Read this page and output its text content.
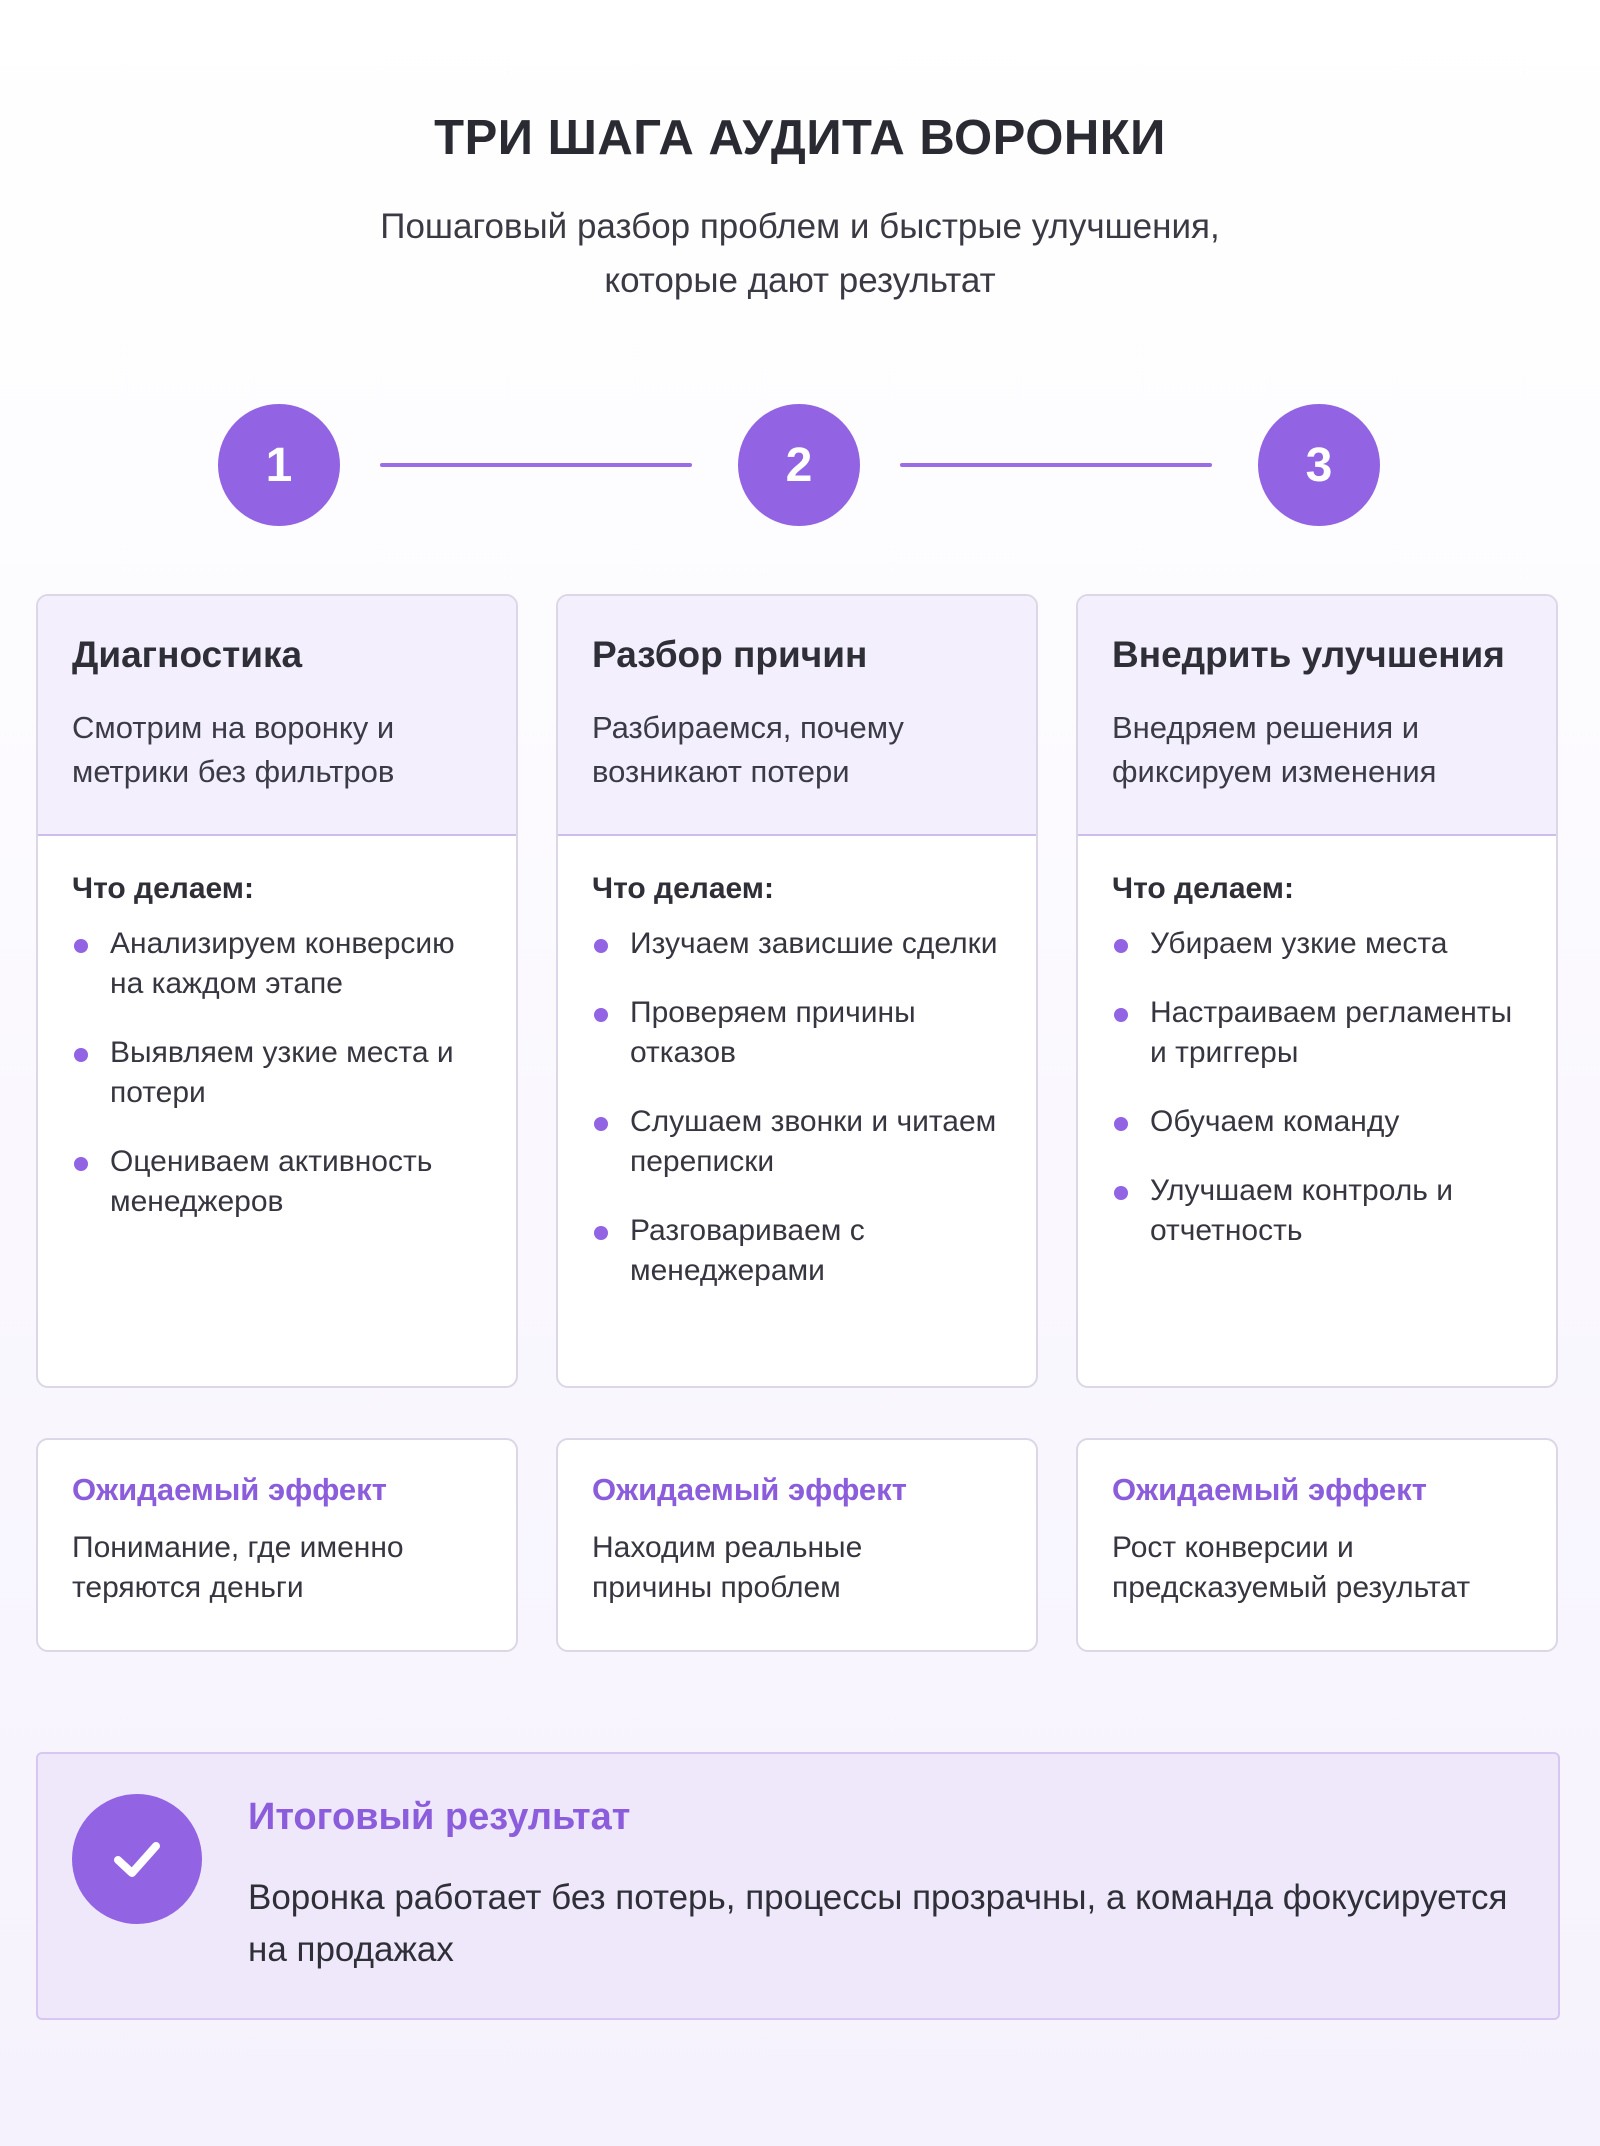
ТРИ ШАГА АУДИТА ВОРОНКИ
Пошаговый разбор проблем и быстрые улучшения,
которые дают результат
1	2	3
Диагностика
Смотрим на воронку и
метрики без фильтров
Что делаем:
Анализируем конверсию на каждом этапе
Выявляем узкие места и потери
Оцениваем активность менеджеров
Разбор причин
Разбираемся, почему
возникают потери
Что делаем:
Изучаем зависшие сделки
Проверяем причины отказов
Слушаем звонки и читаем переписки
Разговариваем с менеджерами
Внедрить улучшения
Внедряем решения и
фиксируем изменения
Что делаем:
Убираем узкие места
Настраиваем регламенты и триггеры
Обучаем команду
Улучшаем контроль и отчетность
Ожидаемый эффект
Понимание, где именно
теряются деньги
Ожидаемый эффект
Находим реальные
причины проблем
Ожидаемый эффект
Рост конверсии и
предсказуемый результат
Итоговый результат
Воронка работает без потерь, процессы прозрачны, а команда фокусируется на продажах
